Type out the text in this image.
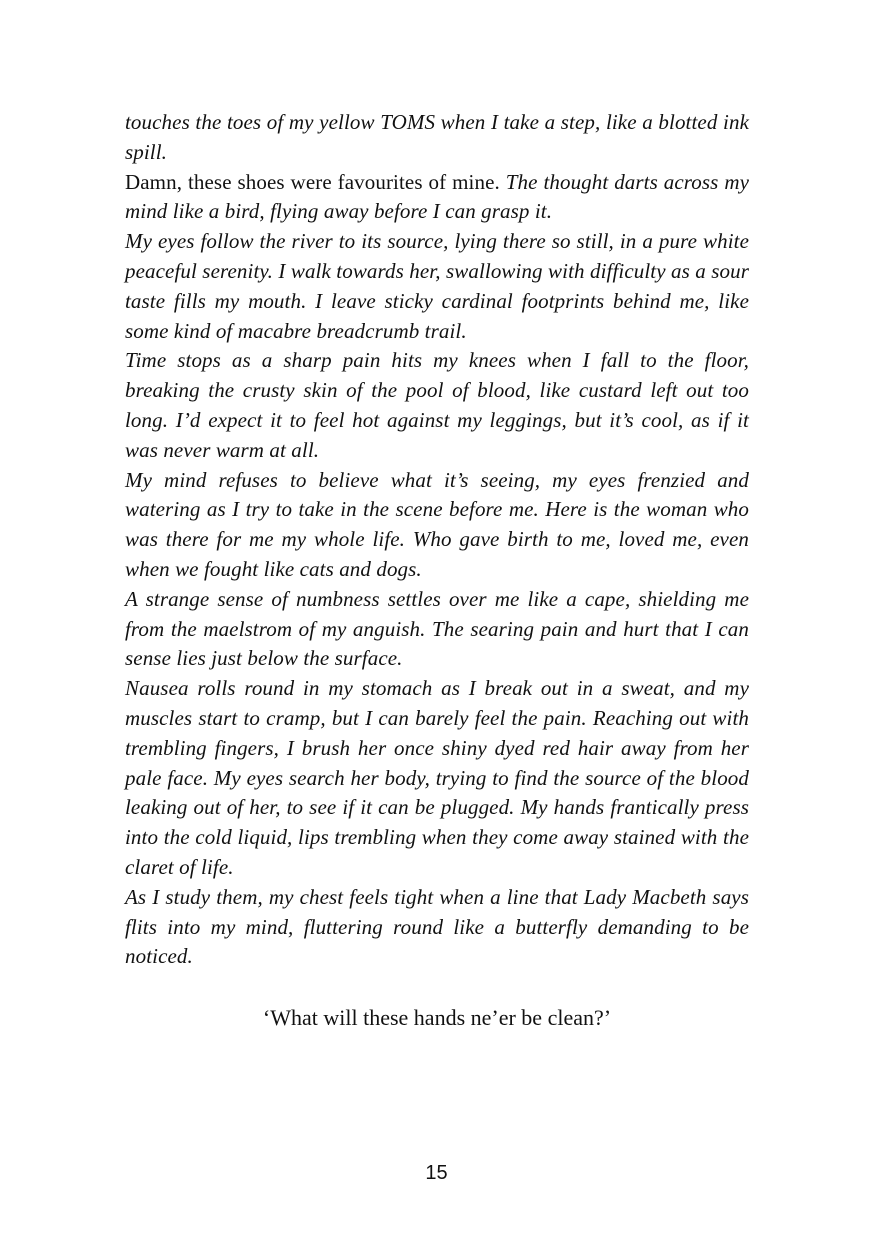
touches the toes of my yellow TOMS when I take a step, like a blotted ink spill.

Damn, these shoes were favourites of mine. The thought darts across my mind like a bird, flying away before I can grasp it.

My eyes follow the river to its source, lying there so still, in a pure white peaceful serenity. I walk towards her, swallowing with difficulty as a sour taste fills my mouth. I leave sticky cardinal footprints behind me, like some kind of macabre breadcrumb trail.

Time stops as a sharp pain hits my knees when I fall to the floor, breaking the crusty skin of the pool of blood, like custard left out too long. I’d expect it to feel hot against my leggings, but it’s cool, as if it was never warm at all.

My mind refuses to believe what it’s seeing, my eyes frenzied and watering as I try to take in the scene before me. Here is the woman who was there for me my whole life. Who gave birth to me, loved me, even when we fought like cats and dogs.

A strange sense of numbness settles over me like a cape, shielding me from the maelstrom of my anguish. The searing pain and hurt that I can sense lies just below the surface.

Nausea rolls round in my stomach as I break out in a sweat, and my muscles start to cramp, but I can barely feel the pain. Reaching out with trembling fingers, I brush her once shiny dyed red hair away from her pale face. My eyes search her body, trying to find the source of the blood leaking out of her, to see if it can be plugged. My hands frantically press into the cold liquid, lips trembling when they come away stained with the claret of life.

As I study them, my chest feels tight when a line that Lady Macbeth says flits into my mind, fluttering round like a butterfly demanding to be noticed.

‘What will these hands ne’er be clean?’
15
